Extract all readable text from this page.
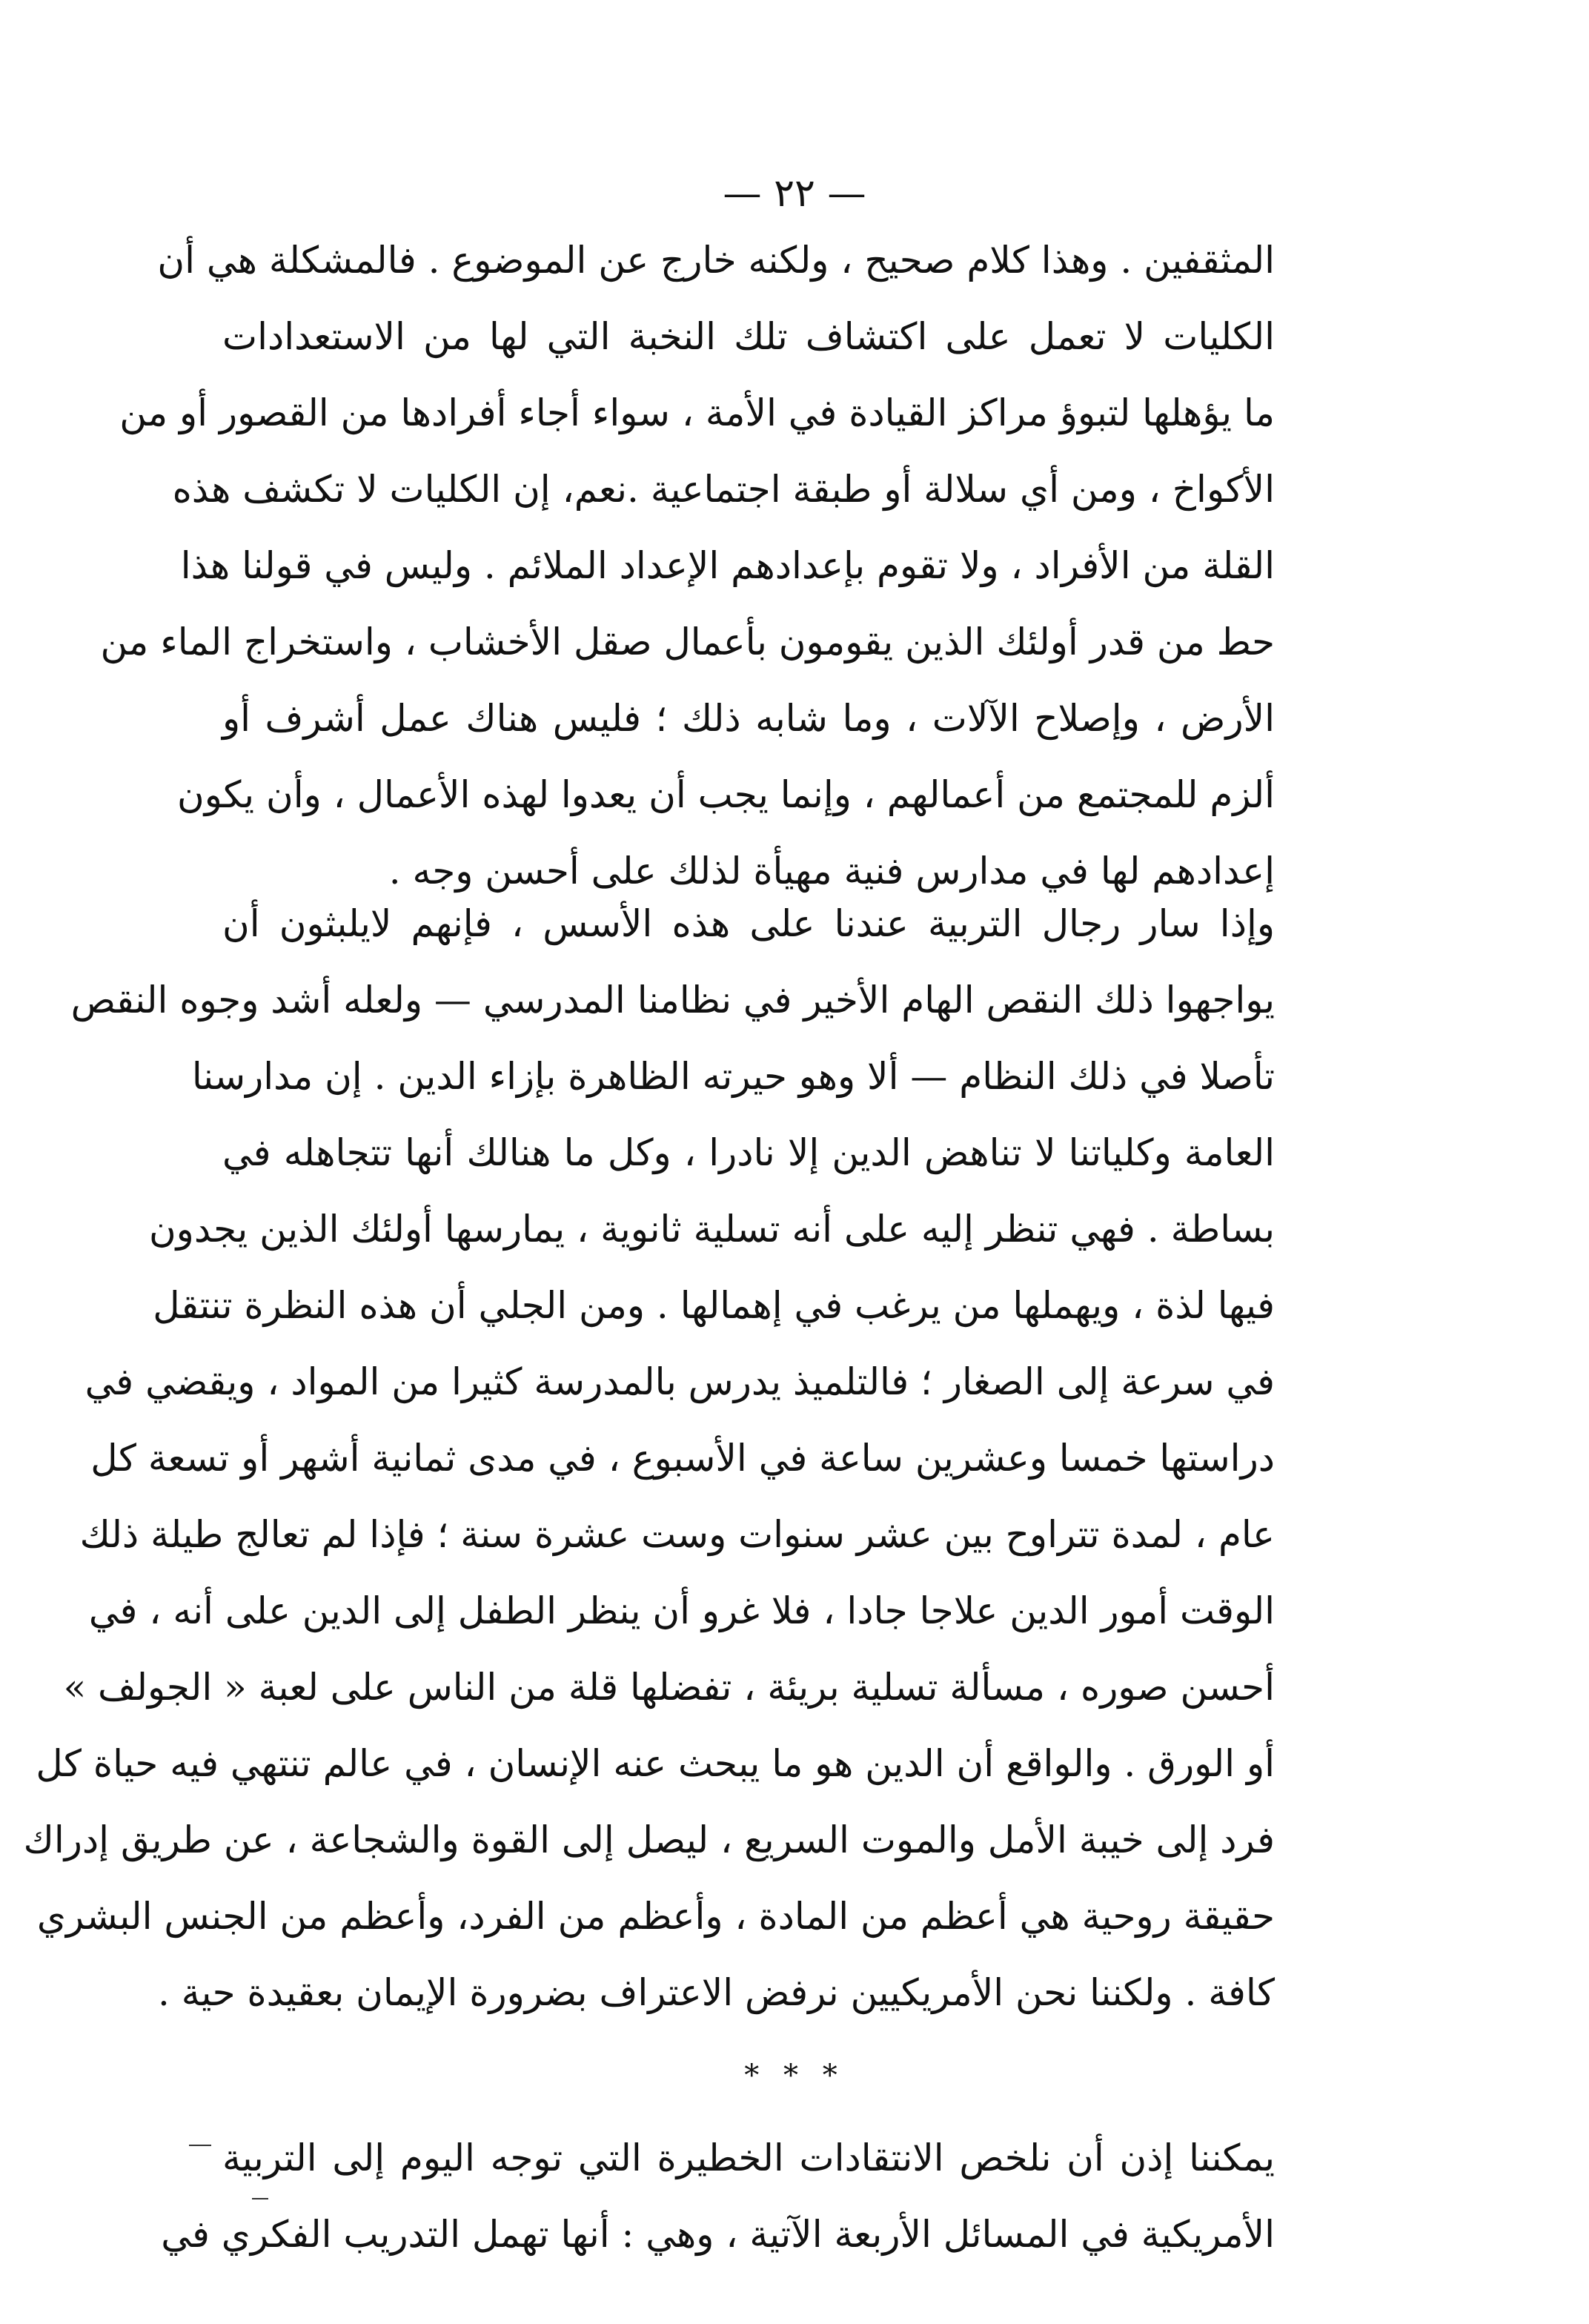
— ٢٢ —
المثقفين . وهذا كلام صحيح ، ولكنه خارج عن الموضوع . فالمشكلة هي أن
الكليات لا تعمل على اكتشاف تلك النخبة التي لها من الاستعدادات
ما يؤهلها لتبوؤ مراكز القيادة في الأمة ، سواء أجاء أفرادها من القصور أو من
الأكواخ ، ومن أي سلالة أو طبقة اجتماعية .نعم، إن الكليات لا تكشف هذه
القلة من الأفراد ، ولا تقوم بإعدادهم الإعداد الملائم . وليس في قولنا هذا
حط من قدر أولئك الذين يقومون بأعمال صقل الأخشاب ، واستخراج الماء من
الأرض ، وإصلاح الآلات ، وما شابه ذلك ؛ فليس هناك عمل أشرف أو
ألزم للمجتمع من أعمالهم ، وإنما يجب أن يعدوا لهذه الأعمال ، وأن يكون
إعدادهم لها في مدارس فنية مهيأة لذلك على أحسن وجه .
وإذا سار رجال التربية عندنا على هذه الأسس ، فإنهم لايلبثون أن
يواجهوا ذلك النقص الهام الأخير في نظامنا المدرسي — ولعله أشد وجوه النقص
تأصلا في ذلك النظام — ألا وهو حيرته الظاهرة بإزاء الدين . إن مدارسنا
العامة وكلياتنا لا تناهض الدين إلا نادرا ، وكل ما هنالك أنها تتجاهله في
بساطة . فهي تنظر إليه على أنه تسلية ثانوية ، يمارسها أولئك الذين يجدون
فيها لذة ، ويهملها من يرغب في إهمالها . ومن الجلي أن هذه النظرة تنتقل
في سرعة إلى الصغار ؛ فالتلميذ يدرس بالمدرسة كثيرا من المواد ، ويقضي في
دراستها خمسا وعشرين ساعة في الأسبوع ، في مدى ثمانية أشهر أو تسعة كل
عام ، لمدة تتراوح بين عشر سنوات وست عشرة سنة ؛ فإذا لم تعالج طيلة ذلك
الوقت أمور الدين علاجا جادا ، فلا غرو أن ينظر الطفل إلى الدين على أنه ، في
أحسن صوره ، مسألة تسلية بريئة ، تفضلها قلة من الناس على لعبة « الجولف »
أو الورق . والواقع أن الدين هو ما يبحث عنه الإنسان ، في عالم تنتهي فيه حياة كل
فرد إلى خيبة الأمل والموت السريع ، ليصل إلى القوة والشجاعة ، عن طريق إدراك
حقيقة روحية هي أعظم من المادة ، وأعظم من الفرد، وأعظم من الجنس البشري
كافة . ولكننا نحن الأمريكيين نرفض الاعتراف بضرورة الإيمان بعقيدة حية .
* * *
يمكننا إذن أن نلخص الانتقادات الخطيرة التي توجه اليوم إلى التربية
الأمريكية في المسائل الأربعة الآتية ، وهي : أنها تهمل التدريب الفكري في
